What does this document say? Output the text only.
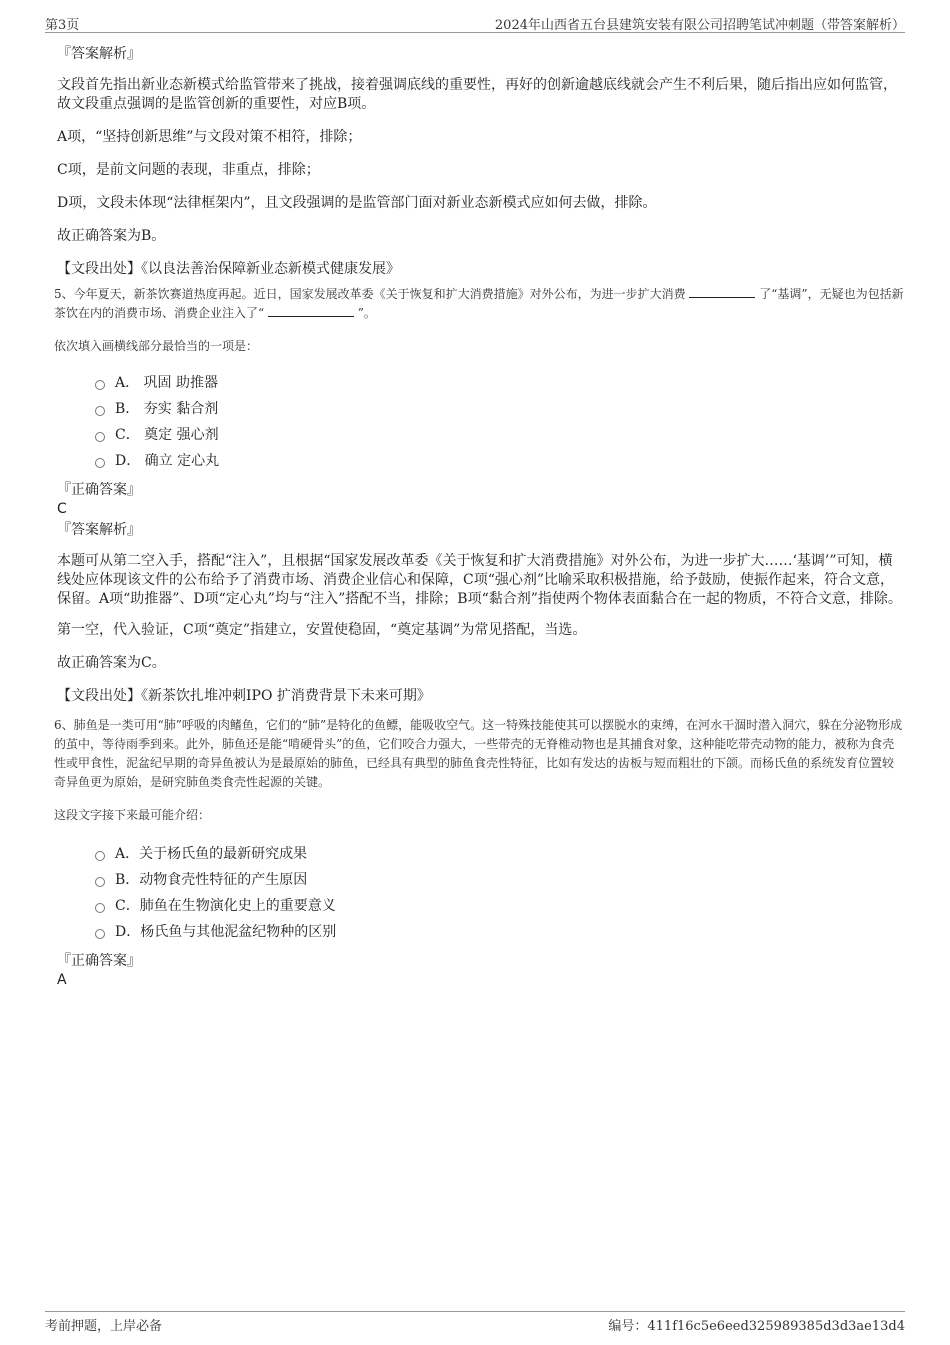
第3页	2024年山西省五台县建筑安装有限公司招聘笔试冲刺题（带答案解析）
『答案解析』

文段首先指出新业态新模式给监管带来了挑战，接着强调底线的重要性，再好的创新逾越底线就会产生不利后果，随后指出应如何监管，故文段重点强调的是监管创新的重要性，对应B项。

A项，“坚持创新思维”与文段对策不相符，排除；

C项，是前文问题的表现，非重点，排除；

D项，文段未体现“法律框架内”，且文段强调的是监管部门面对新业态新模式应如何去做，排除。

故正确答案为B。

【文段出处】《以良法善治保障新业态新模式健康发展》
5、今年夏天，新茶饮赛道热度再起。近日，国家发展改革委《关于恢复和扩大消费措施》对外公布，为进一步扩大消费	了“基调”，无疑也为包括新茶饮在内的消费市场、消费企业注入了“	”。
依次填入画横线部分最恰当的一项是：
A． 巩固 助推器
B． 夯实 黏合剂
C． 奠定 强心剂
D． 确立 定心丸
『正确答案』
C
『答案解析』

本题可从第二空入手，搭配“注入”，且根据“国家发展改革委《关于恢复和扩大消费措施》对外公布，为进一步扩大……‘基调’”可知，横线处应体现该文件的公布给予了消费市场、消费企业信心和保障，C项“强心剂”比喻采取积极措施，给予鼓励，使振作起来，符合文意，保留。A项“助推器”、D项“定心丸”均与“注入”搭配不当，排除；B项“黏合剂”指使两个物体表面黏合在一起的物质，不符合文意，排除。

第一空，代入验证，C项“奠定”指建立，安置使稳固，“奠定基调”为常见搭配，当选。

故正确答案为C。

【文段出处】《新茶饮扎堆冲刺IPO 扩消费背景下未来可期》
6、肺鱼是一类可用“肺”呼吸的肉鳍鱼，它们的“肺”是特化的鱼鳔，能吸收空气。这一特殊技能使其可以摆脱水的束缚，在河水干涸时潜入洞穴，躲在分泌物形成的茧中，等待雨季到来。此外，肺鱼还是能“啃硬骨头”的鱼，它们咬合力强大，一些带壳的无脊椎动物也是其捕食对象，这种能吃带壳动物的能力，被称为食壳性或甲食性，泥盆纪早期的奇异鱼被认为是最原始的肺鱼，已经具有典型的肺鱼食壳性特征，比如有发达的齿板与短而粗壮的下颌。而杨氏鱼的系统发育位置较奇异鱼更为原始，是研究肺鱼类食壳性起源的关键。
这段文字接下来最可能介绍：
A．关于杨氏鱼的最新研究成果
B．动物食壳性特征的产生原因
C．肺鱼在生物演化史上的重要意义
D．杨氏鱼与其他泥盆纪物种的区别
『正确答案』
A
考前押题，上岸必备	编号：411f16c5e6eed325989385d3d3ae13d4
